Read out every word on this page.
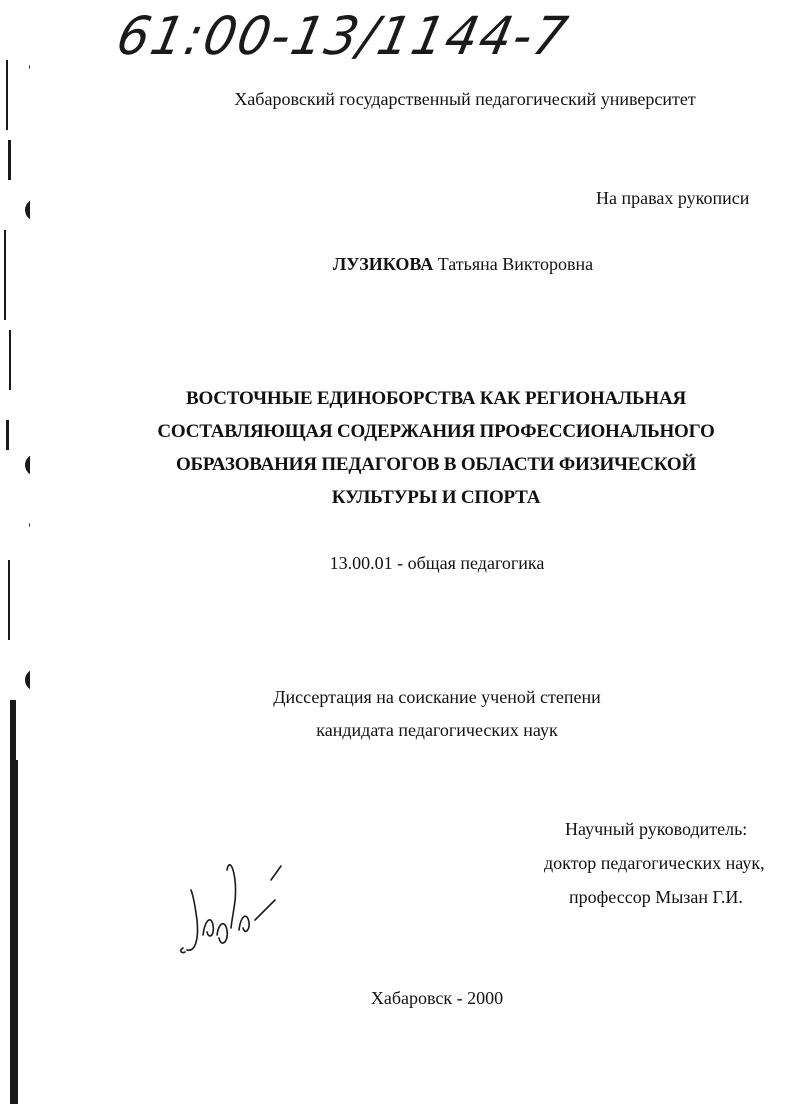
61:00-13/1144-7
Хабаровский государственный педагогический университет
На правах рукописи
ЛУЗИКОВА Татьяна Викторовна
ВОСТОЧНЫЕ ЕДИНОБОРСТВА КАК РЕГИОНАЛЬНАЯ
СОСТАВЛЯЮЩАЯ СОДЕРЖАНИЯ ПРОФЕССИОНАЛЬНОГО
ОБРАЗОВАНИЯ ПЕДАГОГОВ В ОБЛАСТИ ФИЗИЧЕСКОЙ
КУЛЬТУРЫ И СПОРТА
13.00.01 - общая педагогика
Диссертация на соискание ученой степени
кандидата педагогических наук
Научный руководитель:
доктор педагогических наук,
профессор Мызан Г.И.
Хабаровск - 2000
